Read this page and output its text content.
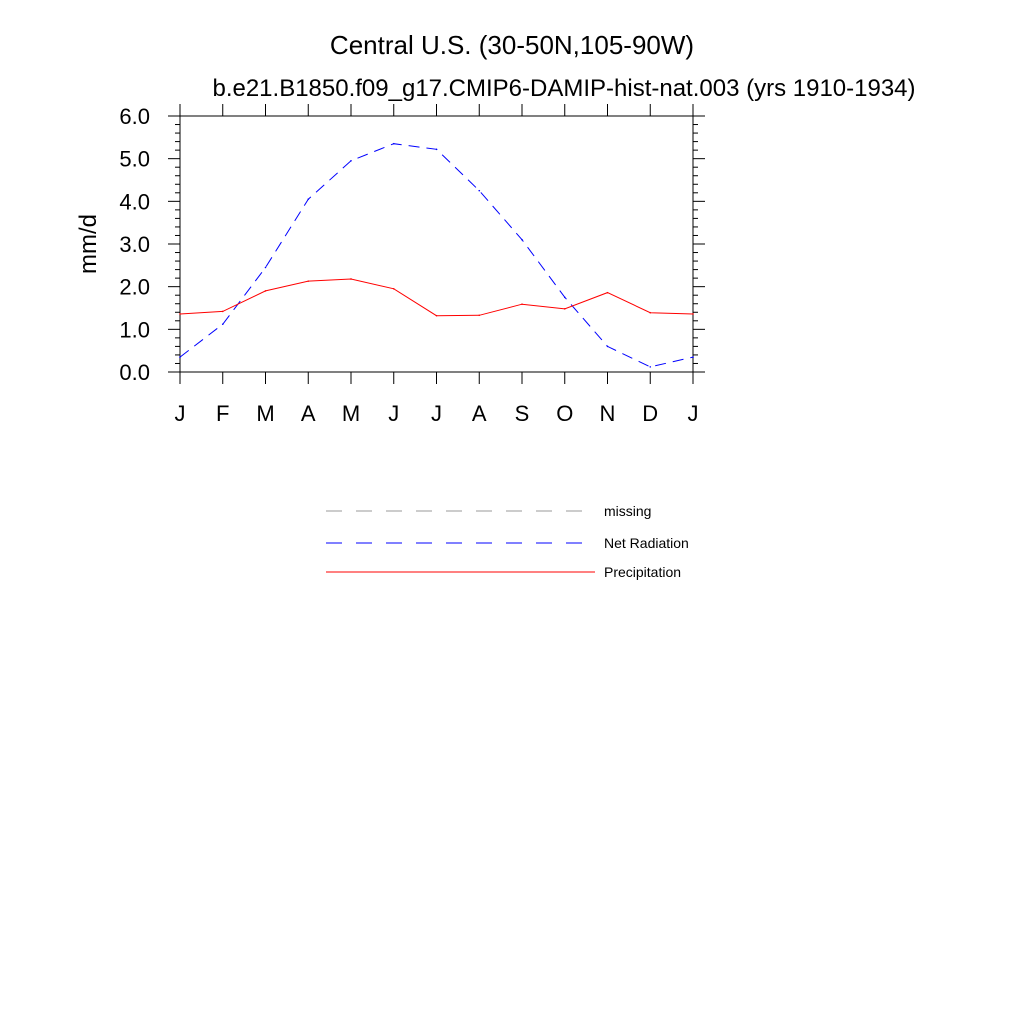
Central U.S. (30-50N,105-90W)
b.e21.B1850.f09_g17.CMIP6-DAMIP-hist-nat.003 (yrs 1910-1934)
mm/d
0.0
1.0
2.0
3.0
4.0
5.0
6.0
J F M A M J J A S O N D J
missing
Net Radiation
Precipitation
